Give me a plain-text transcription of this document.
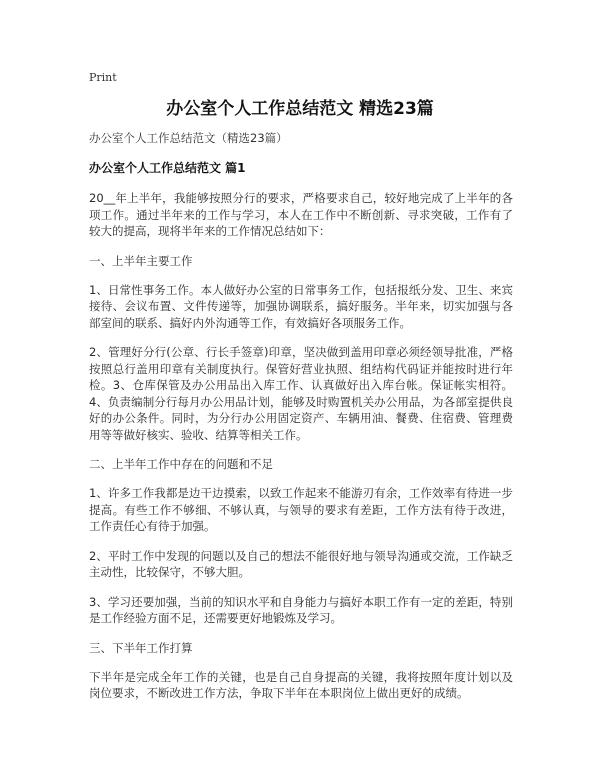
Print
办公室个人工作总结范文 精选23篇
办公室个人工作总结范文（精选23篇）
办公室个人工作总结范文 篇1

20__年上半年，我能够按照分行的要求，严格要求自己，较好地完成了上半年的各项工作。通过半年来的工作与学习，本人在工作中不断创新、寻求突破，工作有了较大的提高，现将半年来的工作情况总结如下：

一、上半年主要工作

1、日常性事务工作。本人做好办公室的日常事务工作，包括报纸分发、卫生、来宾接待、会议布置、文件传递等，加强协调联系，搞好服务。半年来，切实加强与各部室间的联系、搞好内外沟通等工作，有效搞好各项服务工作。

2、管理好分行(公章、行长手签章)印章，坚决做到盖用印章必须经领导批准，严格按照总行盖用印章有关制度执行。保管好营业执照、组结构代码证并能按时进行年检。3、仓库保管及办公用品出入库工作、认真做好出入库台帐。保证帐实相符。4、负责编制分行每月办公用品计划，能够及时购置机关办公用品，为各部室提供良好的办公条件。同时，为分行办公用固定资产、车辆用油、餐费、住宿费、管理费用等等做好核实、验收、结算等相关工作。

二、上半年工作中存在的问题和不足

1、许多工作我都是边干边摸索，以致工作起来不能游刃有余，工作效率有待进一步提高。有些工作不够细、不够认真，与领导的要求有差距，工作方法有待于改进，工作责任心有待于加强。

2、平时工作中发现的问题以及自己的想法不能很好地与领导沟通或交流，工作缺乏主动性，比较保守，不够大胆。

3、学习还要加强，当前的知识水平和自身能力与搞好本职工作有一定的差距，特别是工作经验方面不足，还需要更好地锻炼及学习。

三、下半年工作打算

下半年是完成全年工作的关键，也是自己自身提高的关键，我将按照年度计划以及岗位要求，不断改进工作方法，争取下半年在本职岗位上做出更好的成绩。
